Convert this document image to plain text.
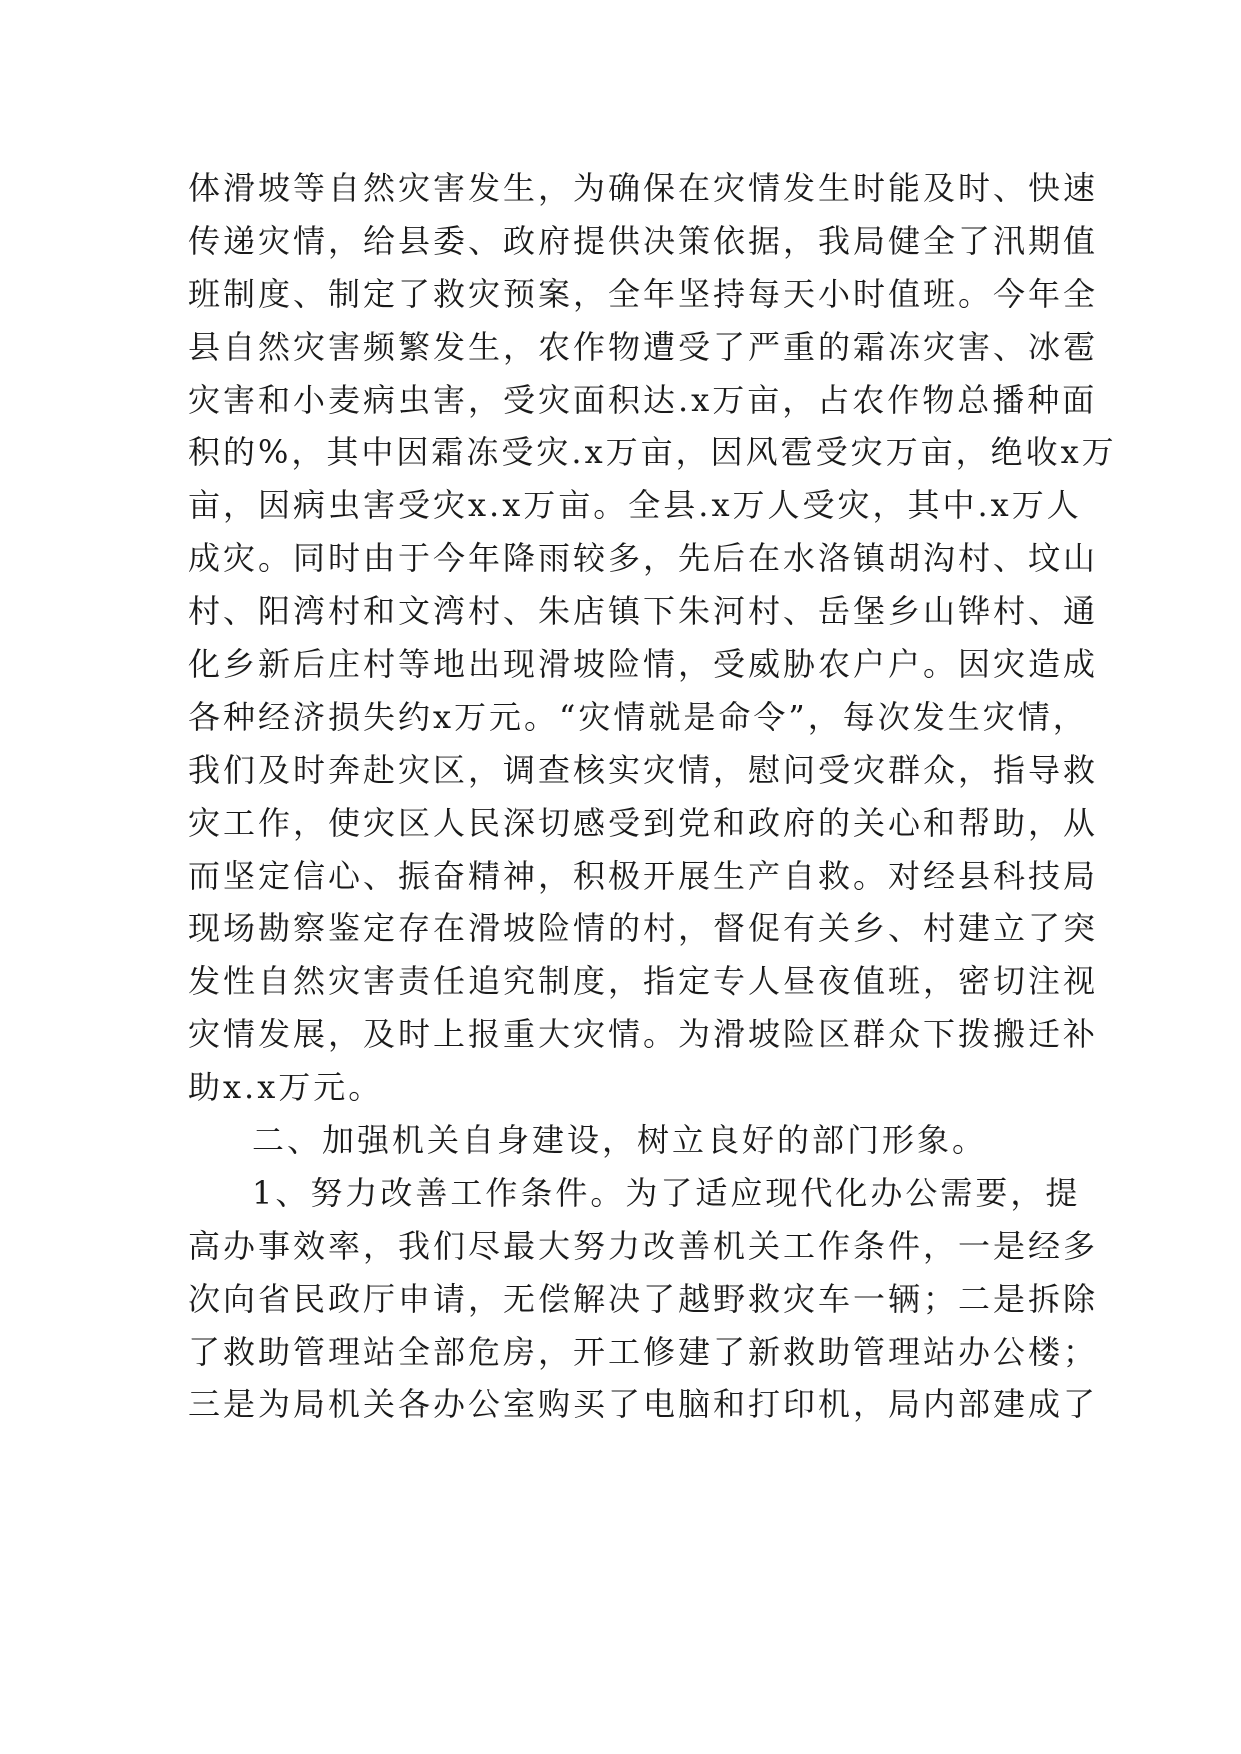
体滑坡等自然灾害发生，为确保在灾情发生时能及时、快速
传递灾情，给县委、政府提供决策依据，我局健全了汛期值
班制度、制定了救灾预案，全年坚持每天小时值班。今年全
县自然灾害频繁发生，农作物遭受了严重的霜冻灾害、冰雹
灾害和小麦病虫害，受灾面积达.x万亩，占农作物总播种面
积的%，其中因霜冻受灾.x万亩，因风雹受灾万亩，绝收x万
亩，因病虫害受灾x.x万亩。全县.x万人受灾，其中.x万人
成灾。同时由于今年降雨较多，先后在水洛镇胡沟村、坟山
村、阳湾村和文湾村、朱店镇下朱河村、岳堡乡山铧村、通
化乡新后庄村等地出现滑坡险情，受威胁农户户。因灾造成
各种经济损失约x万元。“灾情就是命令”，每次发生灾情，
我们及时奔赴灾区，调查核实灾情，慰问受灾群众，指导救
灾工作，使灾区人民深切感受到党和政府的关心和帮助，从
而坚定信心、振奋精神，积极开展生产自救。对经县科技局
现场勘察鉴定存在滑坡险情的村，督促有关乡、村建立了突
发性自然灾害责任追究制度，指定专人昼夜值班，密切注视
灾情发展，及时上报重大灾情。为滑坡险区群众下拨搬迁补
助x.x万元。
二、加强机关自身建设，树立良好的部门形象。
1、努力改善工作条件。为了适应现代化办公需要，提
高办事效率，我们尽最大努力改善机关工作条件，一是经多
次向省民政厅申请，无偿解决了越野救灾车一辆；二是拆除
了救助管理站全部危房，开工修建了新救助管理站办公楼；
三是为局机关各办公室购买了电脑和打印机，局内部建成了
